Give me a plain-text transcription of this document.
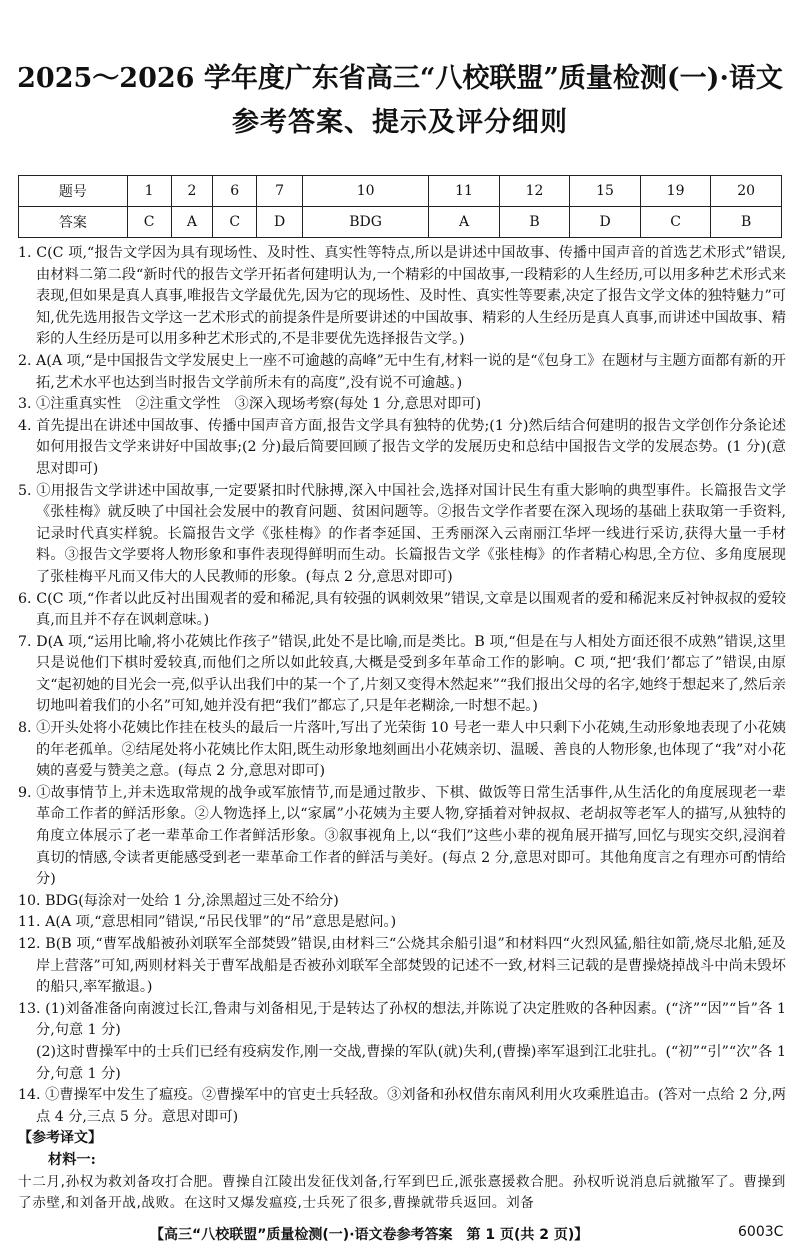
2025～2026 学年度广东省高三“八校联盟”质量检测(一)·语文
参考答案、提示及评分细则
题号	1	2	6	7	10	11	12	15	19	20
答案	C	A	C	D	BDG	A	B	D	C	B

1. C(C 项,“报告文学因为具有现场性、及时性、真实性等特点,所以是讲述中国故事、传播中国声音的首选艺术形式”错误,由材料二第二段“新时代的报告文学开拓者何建明认为,一个精彩的中国故事,一段精彩的人生经历,可以用多种艺术形式来表现,但如果是真人真事,唯报告文学最优先,因为它的现场性、及时性、真实性等要素,决定了报告文学文体的独特魅力”可知,优先选用报告文学这一艺术形式的前提条件是所要讲述的中国故事、精彩的人生经历是真人真事,而讲述中国故事、精彩的人生经历是可以用多种艺术形式的,不是非要优先选择报告文学。)

2. A(A 项,“是中国报告文学发展史上一座不可逾越的高峰”无中生有,材料一说的是“《包身工》在题材与主题方面都有新的开拓,艺术水平也达到当时报告文学前所未有的高度”,没有说不可逾越。)

3. ①注重真实性　②注重文学性　③深入现场考察(每处 1 分,意思对即可)

4. 首先提出在讲述中国故事、传播中国声音方面,报告文学具有独特的优势;(1 分)然后结合何建明的报告文学创作分条论述如何用报告文学来讲好中国故事;(2 分)最后简要回顾了报告文学的发展历史和总结中国报告文学的发展态势。(1 分)(意思对即可)

5. ①用报告文学讲述中国故事,一定要紧扣时代脉搏,深入中国社会,选择对国计民生有重大影响的典型事件。长篇报告文学《张桂梅》就反映了中国社会发展中的教育问题、贫困问题等。②报告文学作者要在深入现场的基础上获取第一手资料,记录时代真实样貌。长篇报告文学《张桂梅》的作者李延国、王秀丽深入云南丽江华坪一线进行采访,获得大量一手材料。③报告文学要将人物形象和事件表现得鲜明而生动。长篇报告文学《张桂梅》的作者精心构思,全方位、多角度展现了张桂梅平凡而又伟大的人民教师的形象。(每点 2 分,意思对即可)

6. C(C 项,“作者以此反衬出围观者的爱和稀泥,具有较强的讽刺效果”错误,文章是以围观者的爱和稀泥来反衬钟叔叔的爱较真,而且并不存在讽刺意味。)

7. D(A 项,“运用比喻,将小花姨比作孩子”错误,此处不是比喻,而是类比。B 项,“但是在与人相处方面还很不成熟”错误,这里只是说他们下棋时爱较真,而他们之所以如此较真,大概是受到多年革命工作的影响。C 项,“把‘我们’都忘了”错误,由原文“起初她的目光会一亮,似乎认出我们中的某一个了,片刻又变得木然起来”“我们报出父母的名字,她终于想起来了,然后亲切地叫着我们的小名”可知,她并没有把“我们”都忘了,只是年老糊涂,一时想不起。)

8. ①开头处将小花姨比作挂在枝头的最后一片落叶,写出了光荣街 10 号老一辈人中只剩下小花姨,生动形象地表现了小花姨的年老孤单。②结尾处将小花姨比作太阳,既生动形象地刻画出小花姨亲切、温暖、善良的人物形象,也体现了“我”对小花姨的喜爱与赞美之意。(每点 2 分,意思对即可)

9. ①故事情节上,并未选取常规的战争或军旅情节,而是通过散步、下棋、做饭等日常生活事件,从生活化的角度展现老一辈革命工作者的鲜活形象。②人物选择上,以“家属”小花姨为主要人物,穿插着对钟叔叔、老胡叔等老军人的描写,从独特的角度立体展示了老一辈革命工作者鲜活形象。③叙事视角上,以“我们”这些小辈的视角展开描写,回忆与现实交织,浸润着真切的情感,令读者更能感受到老一辈革命工作者的鲜活与美好。(每点 2 分,意思对即可。其他角度言之有理亦可酌情给分)

10. BDG(每涂对一处给 1 分,涂黑超过三处不给分)

11. A(A 项,“意思相同”错误,“吊民伐罪”的“吊”意思是慰问。)

12. B(B 项,“曹军战船被孙刘联军全部焚毁”错误,由材料三“公烧其余船引退”和材料四“火烈风猛,船往如箭,烧尽北船,延及岸上营落”可知,两则材料关于曹军战船是否被孙刘联军全部焚毁的记述不一致,材料三记载的是曹操烧掉战斗中尚未毁坏的船只,率军撤退。)

13. (1)刘备准备向南渡过长江,鲁肃与刘备相见,于是转达了孙权的想法,并陈说了决定胜败的各种因素。(“济”“因”“旨”各 1 分,句意 1 分)

(2)这时曹操军中的士兵们已经有疫病发作,刚一交战,曹操的军队(就)失利,(曹操)率军退到江北驻扎。(“初”“引”“次”各 1 分,句意 1 分)

14. ①曹操军中发生了瘟疫。②曹操军中的官吏士兵轻敌。③刘备和孙权借东南风利用火攻乘胜追击。(答对一点给 2 分,两点 4 分,三点 5 分。意思对即可)

【参考译文】
材料一:

十二月,孙权为救刘备攻打合肥。曹操自江陵出发征伐刘备,行军到巴丘,派张憙援救合肥。孙权听说消息后就撤军了。曹操到了赤壁,和刘备开战,战败。在这时又爆发瘟疫,士兵死了很多,曹操就带兵返回。刘备

【高三“八校联盟”质量检测(一)·语文卷参考答案　第 1 页(共 2 页)】	6003C
